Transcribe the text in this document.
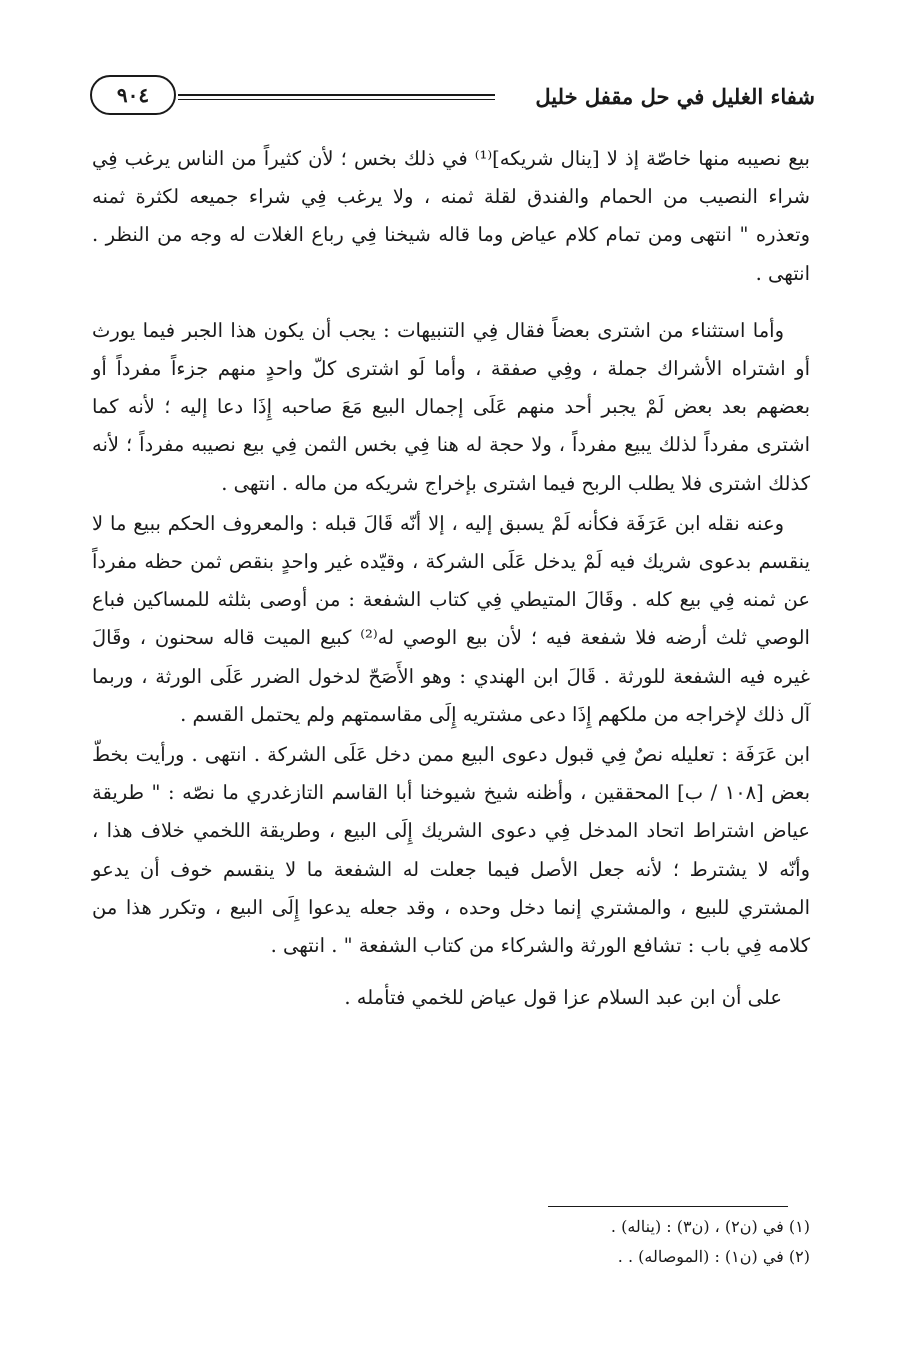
شفاء الغليل في حل مقفل خليل
٩٠٤

بيع نصيبه منها خاصّة إذ لا [ينال شريكه]⁽¹⁾ في ذلك بخس ؛ لأن كثيراً من الناس يرغب فِي شراء النصيب من الحمام والفندق لقلة ثمنه ، ولا يرغب فِي شراء جميعه لكثرة ثمنه وتعذره " انتهى ومن تمام كلام عياض وما قاله شيخنا فِي رباع الغلات له وجه من النظر . انتهى .

وأما استثناء من اشترى بعضاً فقال فِي التنبيهات : يجب أن يكون هذا الجبر فيما يورث أو اشتراه الأشراك جملة ، وفِي صفقة ، وأما لَو اشترى كلّ واحدٍ منهم جزءاً مفرداً أو بعضهم بعد بعض لَمْ يجبر أحد منهم عَلَى إجمال البيع مَعَ صاحبه إِذَا دعا إليه ؛ لأنه كما اشترى مفرداً لذلك يبيع مفرداً ، ولا حجة له هنا فِي بخس الثمن فِي بيع نصيبه مفرداً ؛ لأنه كذلك اشترى فلا يطلب الربح فيما اشترى بإخراج شريكه من ماله . انتهى .

وعنه نقله ابن عَرَفَة فكأنه لَمْ يسبق إليه ، إلا أنّه قَالَ قبله : والمعروف الحكم ببيع ما لا ينقسم بدعوى شريك فيه لَمْ يدخل عَلَى الشركة ، وقيّده غير واحدٍ بنقص ثمن حظه مفرداً عن ثمنه فِي بيع كله . وقَالَ المتيطي فِي كتاب الشفعة : من أوصى بثلثه للمساكين فباع الوصي ثلث أرضه فلا شفعة فيه ؛ لأن بيع الوصي له⁽²⁾ كبيع الميت قاله سحنون ، وقَالَ غيره فيه الشفعة للورثة . قَالَ ابن الهندي : وهو الأَصَحّ لدخول الضرر عَلَى الورثة ، وربما آل ذلك لإخراجه من ملكهم إِذَا دعى مشتريه إِلَى مقاسمتهم ولم يحتمل القسم .

ابن عَرَفَة : تعليله نصٌ فِي قبول دعوى البيع ممن دخل عَلَى الشركة . انتهى . ورأيت بخطّ بعض [١٠٨ / ب] المحققين ، وأظنه شيخ شيوخنا أبا القاسم التازغدري ما نصّه : " طريقة عياض اشتراط اتحاد المدخل فِي دعوى الشريك إِلَى البيع ، وطريقة اللخمي خلاف هذا ، وأنّه لا يشترط ؛ لأنه جعل الأصل فيما جعلت له الشفعة ما لا ينقسم خوف أن يدعو المشتري للبيع ، والمشتري إنما دخل وحده ، وقد جعله يدعوا إِلَى البيع ، وتكرر هذا من كلامه فِي باب : تشافع الورثة والشركاء من كتاب الشفعة " . انتهى .

على أن ابن عبد السلام عزا قول عياض للخمي فتأمله .

(١) في (ن٢) ، (ن٣) : (يناله) .

(٢) في (ن١) : (الموصاله) . .
